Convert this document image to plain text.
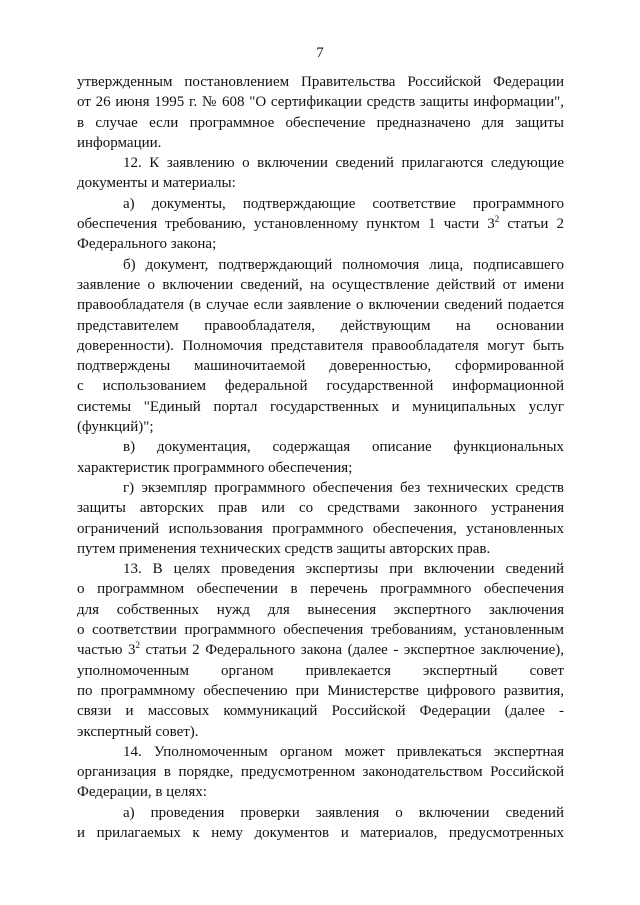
7
утвержденным постановлением Правительства Российской Федерации
от 26 июня 1995 г. № 608 "О сертификации средств защиты информации",
в случае если программное обеспечение предназначено для защиты
информации.
12. К заявлению о включении сведений прилагаются следующие
документы и материалы:
а) документы, подтверждающие соответствие программного
обеспечения требованию, установленному пунктом 1 части $3^2$ статьи 2
Федерального закона;
б) документ, подтверждающий полномочия лица, подписавшего
заявление о включении сведений, на осуществление действий от имени
правообладателя (в случае если заявление о включении сведений подается
представителем правообладателя, действующим на основании
доверенности). Полномочия представителя правообладателя могут быть
подтверждены машиночитаемой доверенностью, сформированной
с использованием федеральной государственной информационной
системы "Единый портал государственных и муниципальных услуг
(функций)";
в) документация, содержащая описание функциональных
характеристик программного обеспечения;
г) экземпляр программного обеспечения без технических средств
защиты авторских прав или со средствами законного устранения
ограничений использования программного обеспечения, установленных
путем применения технических средств защиты авторских прав.
13. В целях проведения экспертизы при включении сведений
о программном обеспечении в перечень программного обеспечения
для собственных нужд для вынесения экспертного заключения
о соответствии программного обеспечения требованиям, установленным
частью $3^2$ статьи 2 Федерального закона (далее - экспертное заключение),
уполномоченным органом привлекается экспертный совет
по программному обеспечению при Министерстве цифрового развития,
связи и массовых коммуникаций Российской Федерации (далее -
экспертный совет).
14. Уполномоченным органом может привлекаться экспертная
организация в порядке, предусмотренном законодательством Российской
Федерации, в целях:
а) проведения проверки заявления о включении сведений
и прилагаемых к нему документов и материалов, предусмотренных
